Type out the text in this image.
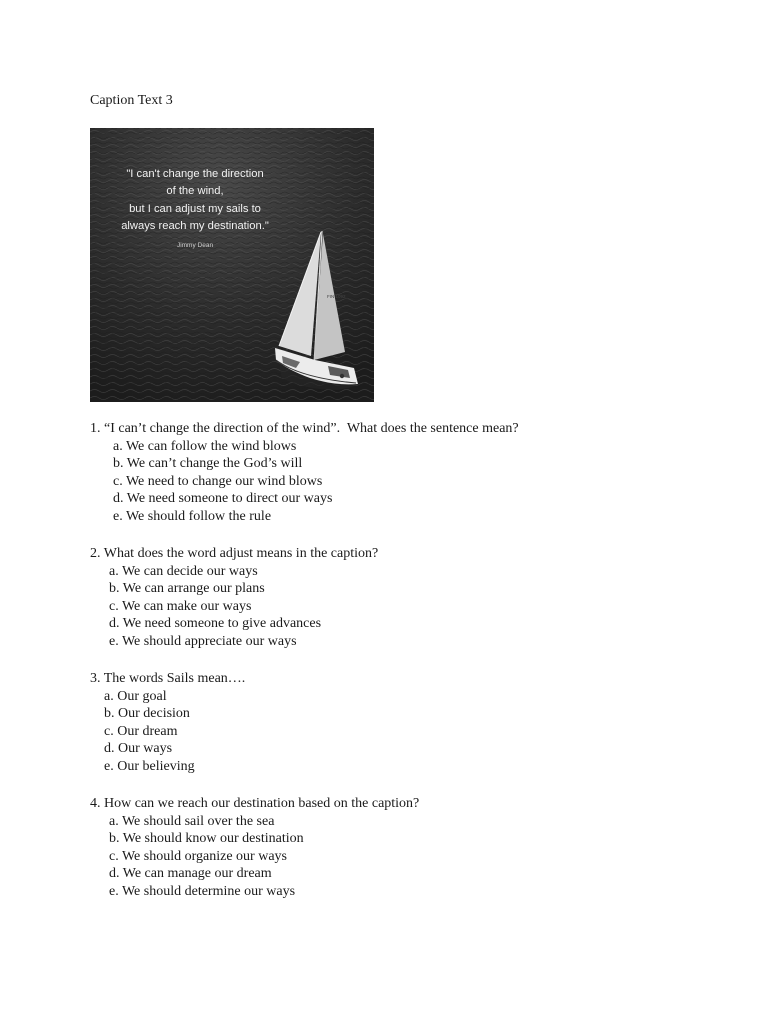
Caption Text 3
"I can't change the direction
of the wind,
but I can adjust my sails to
always reach my destination."
Jimmy Dean
FIN 1092
1. “I can’t change the direction of the wind”.  What does the sentence mean?
a. We can follow the wind blows
b. We can’t change the God’s will
c. We need to change our wind blows
d. We need someone to direct our ways
e. We should follow the rule
2. What does the word adjust means in the caption?
a. We can decide our ways
b. We can arrange our plans
c. We can make our ways
d. We need someone to give advances
e. We should appreciate our ways
3. The words Sails mean….
a. Our goal
b. Our decision
c. Our dream
d. Our ways
e. Our believing
4. How can we reach our destination based on the caption?
a. We should sail over the sea
b. We should know our destination
c. We should organize our ways
d. We can manage our dream
e. We should determine our ways
